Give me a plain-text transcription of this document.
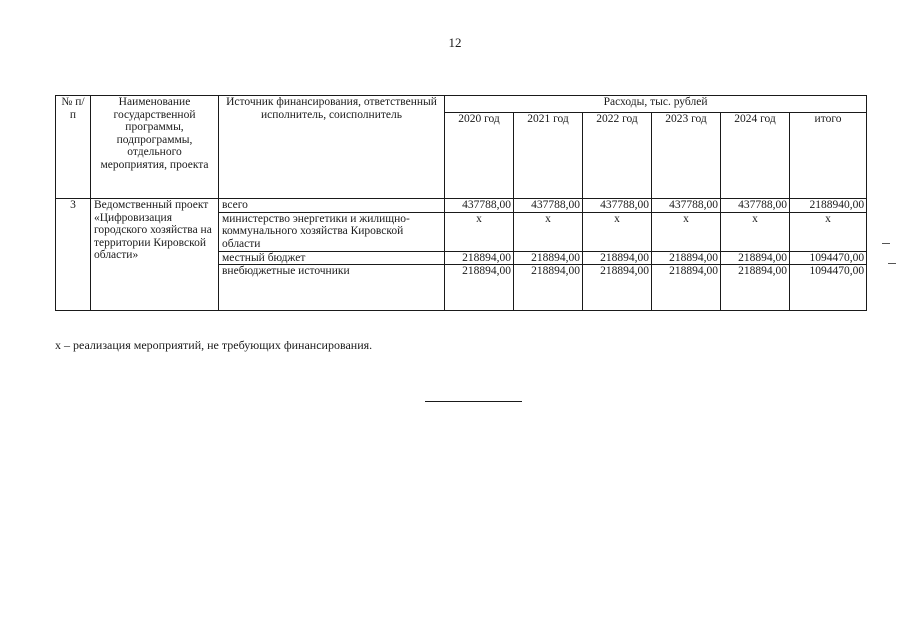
12
№ п/п	Наименование государственной программы, подпрограммы, отдельного мероприятия, проекта	Источник финансирования, ответственный исполнитель, соисполнитель	Расходы, тыс. рублей					
			2020 год	2021 год	2022 год	2023 год	2024 год	итого
3	Ведомственный проект «Цифровизация городского хозяйства на территории Кировской области»	всего	437788,00	437788,00	437788,00	437788,00	437788,00	2188940,00
		министерство энергетики и жилищно-коммунального хозяйства Кировской области	x	x	x	x	x	x
		местный бюджет	218894,00	218894,00	218894,00	218894,00	218894,00	1094470,00
		внебюджетные источники	218894,00	218894,00	218894,00	218894,00	218894,00	1094470,00
x – реализация мероприятий, не требующих финансирования.
